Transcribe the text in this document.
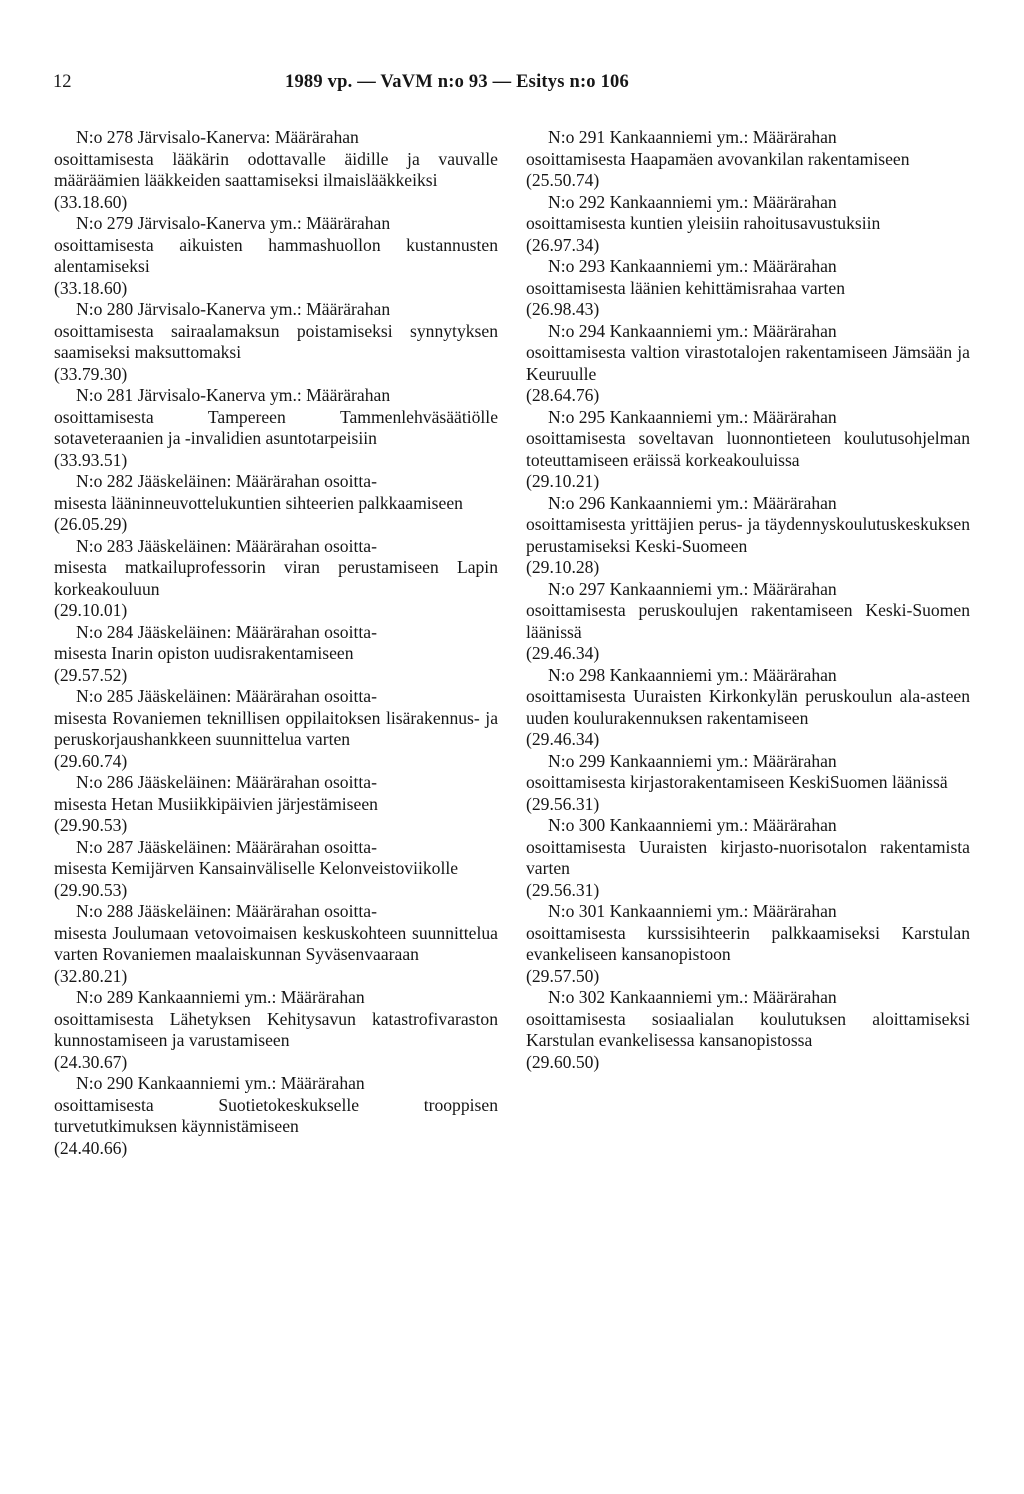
12	1989 vp. — VaVM n:o 93 — Esitys n:o 106
N:o 278 Järvisalo-Kanerva: Määrärahan
osoittamisesta lääkärin odottavalle äidille ja vauvalle määräämien lääkkeiden saattamiseksi ilmaislääkkeiksi
(33.18.60)
N:o 279 Järvisalo-Kanerva ym.: Määrärahan
osoittamisesta aikuisten hammashuollon kustannusten alentamiseksi
(33.18.60)
N:o 280 Järvisalo-Kanerva ym.: Määrärahan
osoittamisesta sairaalamaksun poistamiseksi synnytyksen saamiseksi maksuttomaksi
(33.79.30)
N:o 281 Järvisalo-Kanerva ym.: Määrärahan
osoittamisesta Tampereen Tammenlehväsäätiölle sotaveteraanien ja -invalidien asuntotarpeisiin
(33.93.51)
N:o 282 Jääskeläinen: Määrärahan osoitta-
misesta lääninneuvottelukuntien sihteerien palkkaamiseen
(26.05.29)
N:o 283 Jääskeläinen: Määrärahan osoitta-
misesta matkailuprofessorin viran perustamiseen Lapin korkeakouluun
(29.10.01)
N:o 284 Jääskeläinen: Määrärahan osoitta-
misesta Inarin opiston uudisrakentamiseen
(29.57.52)
N:o 285 Jääskeläinen: Määrärahan osoitta-
misesta Rovaniemen teknillisen oppilaitoksen lisärakennus- ja peruskorjaushankkeen suunnittelua varten
(29.60.74)
N:o 286 Jääskeläinen: Määrärahan osoitta-
misesta Hetan Musiikkipäivien järjestämiseen
(29.90.53)
N:o 287 Jääskeläinen: Määrärahan osoitta-
misesta Kemijärven Kansainväliselle Kelonveistoviikolle
(29.90.53)
N:o 288 Jääskeläinen: Määrärahan osoitta-
misesta Joulumaan vetovoimaisen keskuskohteen suunnittelua varten Rovaniemen maalaiskunnan Syväsenvaaraan
(32.80.21)
N:o 289 Kankaanniemi ym.: Määrärahan
osoittamisesta Lähetyksen Kehitysavun katastrofivaraston kunnostamiseen ja varustamiseen
(24.30.67)
N:o 290 Kankaanniemi ym.: Määrärahan
osoittamisesta Suotietokeskukselle trooppisen turvetutkimuksen käynnistämiseen
(24.40.66)
N:o 291 Kankaanniemi ym.: Määrärahan
osoittamisesta Haapamäen avovankilan rakentamiseen
(25.50.74)
N:o 292 Kankaanniemi ym.: Määrärahan
osoittamisesta kuntien yleisiin rahoitusavustuksiin
(26.97.34)
N:o 293 Kankaanniemi ym.: Määrärahan
osoittamisesta läänien kehittämisrahaa varten
(26.98.43)
N:o 294 Kankaanniemi ym.: Määrärahan
osoittamisesta valtion virastotalojen rakentamiseen Jämsään ja Keuruulle
(28.64.76)
N:o 295 Kankaanniemi ym.: Määrärahan
osoittamisesta soveltavan luonnontieteen koulutusohjelman toteuttamiseen eräissä korkeakouluissa
(29.10.21)
N:o 296 Kankaanniemi ym.: Määrärahan
osoittamisesta yrittäjien perus- ja täydennyskoulutuskeskuksen perustamiseksi Keski-Suomeen
(29.10.28)
N:o 297 Kankaanniemi ym.: Määrärahan
osoittamisesta peruskoulujen rakentamiseen Keski-Suomen läänissä
(29.46.34)
N:o 298 Kankaanniemi ym.: Määrärahan
osoittamisesta Uuraisten Kirkonkylän peruskoulun ala-asteen uuden koulurakennuksen rakentamiseen
(29.46.34)
N:o 299 Kankaanniemi ym.: Määrärahan
osoittamisesta kirjastorakentamiseen KeskiSuomen läänissä
(29.56.31)
N:o 300 Kankaanniemi ym.: Määrärahan
osoittamisesta Uuraisten kirjasto-nuorisotalon rakentamista varten
(29.56.31)
N:o 301 Kankaanniemi ym.: Määrärahan
osoittamisesta kurssisihteerin palkkaamiseksi Karstulan evankeliseen kansanopistoon
(29.57.50)
N:o 302 Kankaanniemi ym.: Määrärahan
osoittamisesta sosiaalialan koulutuksen aloittamiseksi Karstulan evankelisessa kansanopistossa
(29.60.50)
